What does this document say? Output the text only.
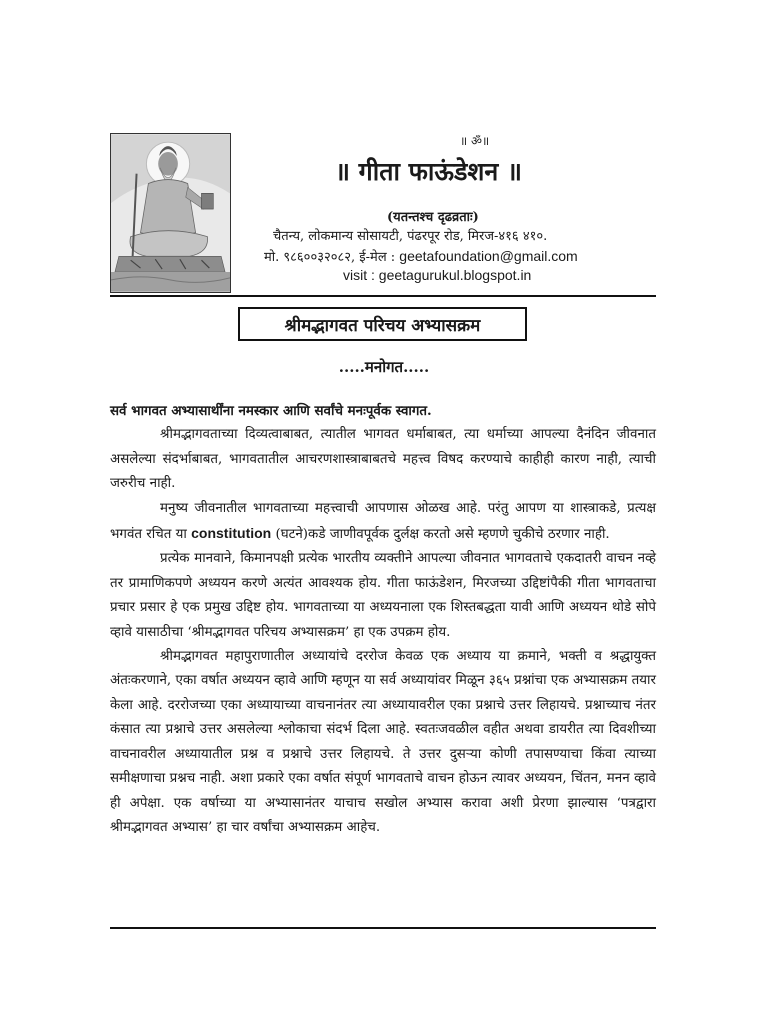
॥ ॐ॥
॥ गीता फाऊंडेशन ॥
(यतन्तश्च दृढव्रताः)
चैतन्य, लोकमान्य सोसायटी, पंढरपूर रोड, मिरज-४१६ ४१०.
मो. ९८६००३२०८२, ई-मेल : geetafoundation@gmail.com
visit : geetagurukul.blogspot.in
श्रीमद्भागवत परिचय अभ्यासक्रम
.....मनोगत.....

सर्व भागवत अभ्यासार्थींना नमस्कार आणि सर्वांचे मनःपूर्वक स्वागत.

श्रीमद्भागवताच्या दिव्यत्वाबाबत, त्यातील भागवत धर्माबाबत, त्या धर्माच्या आपल्या दैनंदिन जीवनात असलेल्या संदर्भाबाबत, भागवतातील आचरणशास्त्राबाबतचे महत्त्व विषद करण्याचे काहीही कारण नाही, त्याची जरुरीच नाही.

मनुष्य जीवनातील भागवताच्या महत्त्वाची आपणास ओळख आहे. परंतु आपण या शास्त्राकडे, प्रत्यक्ष भगवंत रचित या constitution (घटने)कडे जाणीवपूर्वक दुर्लक्ष करतो असे म्हणणे चुकीचे ठरणार नाही.

प्रत्येक मानवाने, किमानपक्षी प्रत्येक भारतीय व्यक्तीने आपल्या जीवनात भागवताचे एकदातरी वाचन नव्हे तर प्रामाणिकपणे अध्ययन करणे अत्यंत आवश्यक होय. गीता फाऊंडेशन, मिरजच्या उद्दिष्टांपैकी गीता भागवताचा प्रचार प्रसार हे एक प्रमुख उद्दिष्ट होय. भागवताच्या या अध्ययनाला एक शिस्तबद्धता यावी आणि अध्ययन थोडे सोपे व्हावे यासाठीचा ‘श्रीमद्भागवत परिचय अभ्यासक्रम’ हा एक उपक्रम होय.

श्रीमद्भागवत महापुराणातील अध्यायांचे दररोज केवळ एक अध्याय या क्रमाने, भक्ती व श्रद्धायुक्त अंतःकरणाने, एका वर्षात अध्ययन व्हावे आणि म्हणून या सर्व अध्यायांवर मिळून ३६५ प्रश्नांचा एक अभ्यासक्रम तयार केला आहे. दररोजच्या एका अध्यायाच्या वाचनानंतर त्या अध्यायावरील एका प्रश्नाचे उत्तर लिहायचे. प्रश्नाच्याच नंतर कंसात त्या प्रश्नाचे उत्तर असलेल्या श्लोकाचा संदर्भ दिला आहे. स्वतःजवळील वहीत अथवा डायरीत त्या दिवशीच्या वाचनावरील अध्यायातील प्रश्न व प्रश्नाचे उत्तर लिहायचे. ते उत्तर दुसऱ्या कोणी तपासण्याचा किंवा त्याच्या समीक्षणाचा प्रश्नच नाही. अशा प्रकारे एका वर्षात संपूर्ण भागवताचे वाचन होऊन त्यावर अध्ययन, चिंतन, मनन व्हावे ही अपेक्षा. एक वर्षाच्या या अभ्यासानंतर याचाच सखोल अभ्यास करावा अशी प्रेरणा झाल्यास ‘पत्रद्वारा श्रीमद्भागवत अभ्यास’ हा चार वर्षांचा अभ्यासक्रम आहेच.
